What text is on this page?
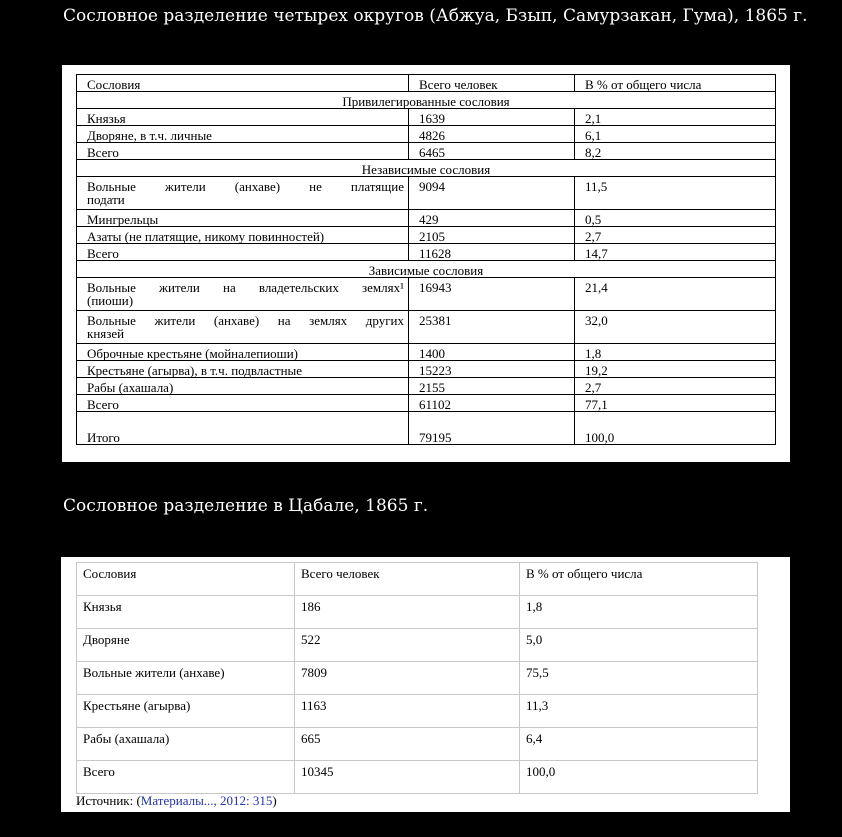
Сословное разделение четырех округов (Абжуа, Бзып, Самурзакан, Гума), 1865 г.
Сословия	Всего человек	В % от общего числа
Привилегированные сословия		
Князья	1639	2,1
Дворяне, в т.ч. личные	4826	6,1
Всего	6465	8,2
Независимые сословия		

Вольные жители (анхаве) не платящие
подати	9094	11,5
Мингрельцы	429	0,5
Азаты (не платящие, никому повинностей)	2105	2,7
Всего	11628	14,7
Зависимые сословия		

Вольные жители на владетельских землях¹
(пиоши)	16943	21,4

Вольные жители (анхаве) на землях других
князей	25381	32,0
Оброчные крестьяне (мойналепиоши)	1400	1,8
Крестьяне (агырва), в т.ч. подвластные	15223	19,2
Рабы (ахашала)	2155	2,7
Всего	61102	77,1
Итого	79195	100,0
Сословное разделение в Цабале, 1865 г.
Сословия	Всего человек	В % от общего числа
Князья	186	1,8
Дворяне	522	5,0
Вольные жители (анхаве)	7809	75,5
Крестьяне (агырва)	1163	11,3
Рабы (ахашала)	665	6,4
Всего	10345	100,0
Источник: (Материалы..., 2012: 315)
